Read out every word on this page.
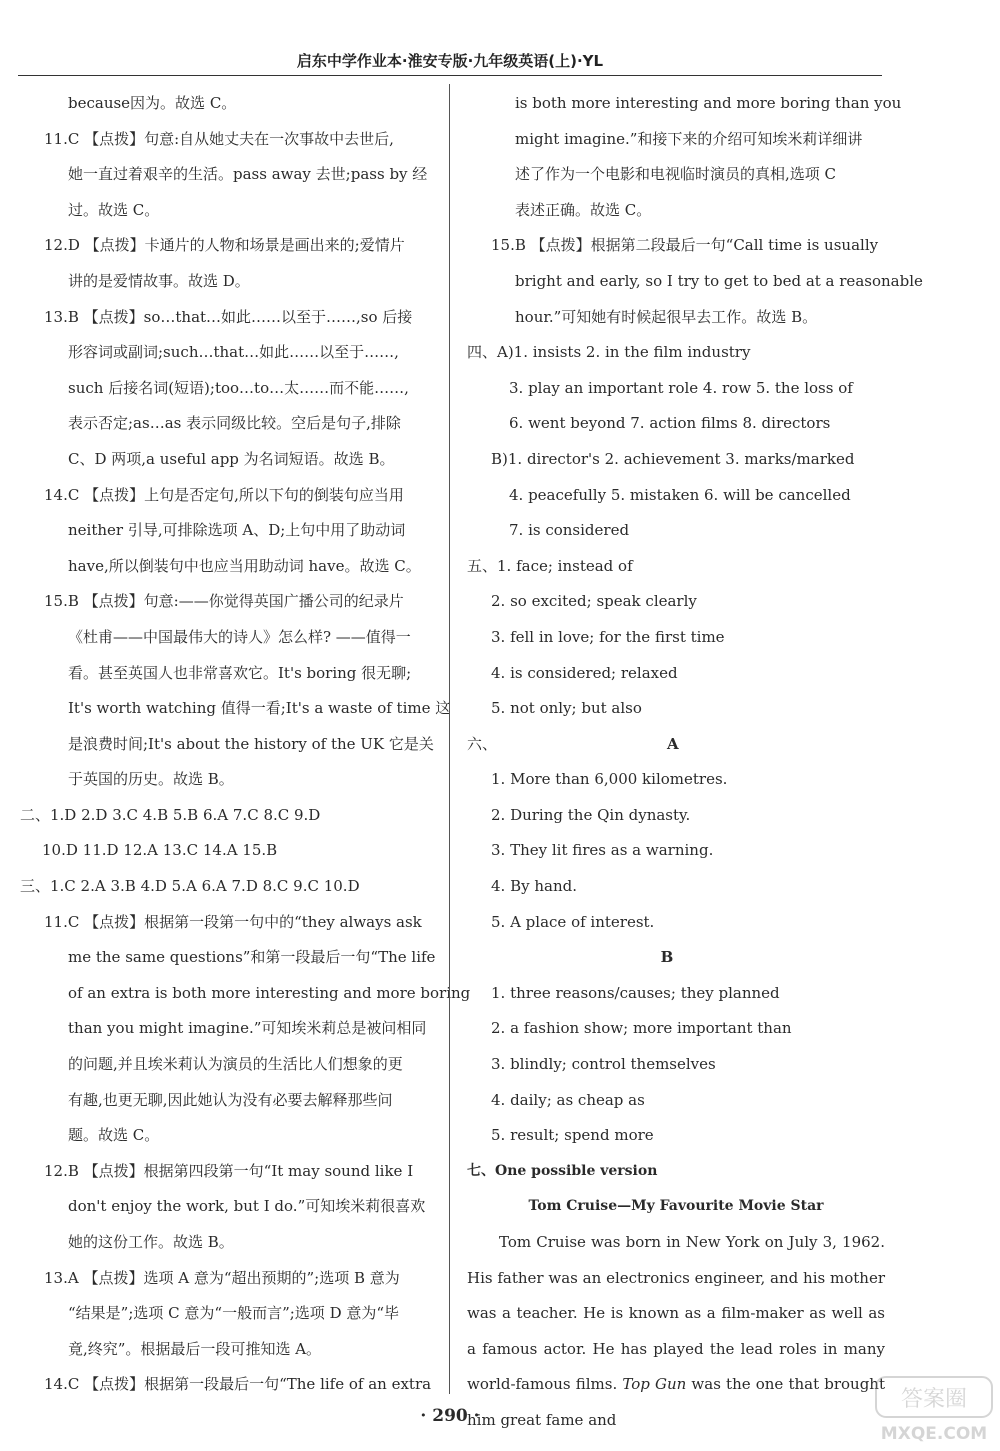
启东中学作业本·淮安专版·九年级英语(上)·YL
because因为。故选 C。
11.C 【点拨】句意:自从她丈夫在一次事故中去世后,
她一直过着艰辛的生活。pass away 去世;pass by 经
过。故选 C。
12.D 【点拨】卡通片的人物和场景是画出来的;爱情片
讲的是爱情故事。故选 D。
13.B 【点拨】so…that…如此……以至于……,so 后接
形容词或副词;such…that…如此……以至于……,
such 后接名词(短语);too…to…太……而不能……,
表示否定;as…as 表示同级比较。空后是句子,排除
C、D 两项,a useful app 为名词短语。故选 B。
14.C 【点拨】上句是否定句,所以下句的倒装句应当用
neither 引导,可排除选项 A、D;上句中用了助动词
have,所以倒装句中也应当用助动词 have。故选 C。
15.B 【点拨】句意:——你觉得英国广播公司的纪录片
《杜甫——中国最伟大的诗人》怎么样? ——值得一
看。甚至英国人也非常喜欢它。It's boring 很无聊;
It's worth watching 值得一看;It's a waste of time 这
是浪费时间;It's about the history of the UK 它是关
于英国的历史。故选 B。
二、1.D 2.D 3.C 4.B 5.B 6.A 7.C 8.C 9.D
10.D 11.D 12.A 13.C 14.A 15.B
三、1.C 2.A 3.B 4.D 5.A 6.A 7.D 8.C 9.C 10.D
11.C 【点拨】根据第一段第一句中的“they always ask
me the same questions”和第一段最后一句“The life
of an extra is both more interesting and more boring
than you might imagine.”可知埃米莉总是被问相同
的问题,并且埃米莉认为演员的生活比人们想象的更
有趣,也更无聊,因此她认为没有必要去解释那些问
题。故选 C。
12.B 【点拨】根据第四段第一句“It may sound like I
don't enjoy the work, but I do.”可知埃米莉很喜欢
她的这份工作。故选 B。
13.A 【点拨】选项 A 意为“超出预期的”;选项 B 意为
“结果是”;选项 C 意为“一般而言”;选项 D 意为“毕
竟,终究”。根据最后一段可推知选 A。
14.C 【点拨】根据第一段最后一句“The life of an extra
is both more interesting and more boring than you
might imagine.”和接下来的介绍可知埃米莉详细讲
述了作为一个电影和电视临时演员的真相,选项 C
表述正确。故选 C。
15.B 【点拨】根据第二段最后一句“Call time is usually
bright and early, so I try to get to bed at a reasonable
hour.”可知她有时候起很早去工作。故选 B。
四、A)1. insists 2. in the film industry
3. play an important role 4. row 5. the loss of
6. went beyond 7. action films 8. directors
B)1. director's 2. achievement 3. marks/marked
4. peacefully 5. mistaken 6. will be cancelled
7. is considered
五、1. face; instead of
2. so excited; speak clearly
3. fell in love; for the first time
4. is considered; relaxed
5. not only; but also
六、	A
1. More than 6,000 kilometres.
2. During the Qin dynasty.
3. They lit fires as a warning.
4. By hand.
5. A place of interest.
B
1. three reasons/causes; they planned
2. a fashion show; more important than
3. blindly; control themselves
4. daily; as cheap as
5. result; spend more
七、One possible version
Tom Cruise—My Favourite Movie Star
Tom Cruise was born in New York on July 3, 1962. His father was an electronics engineer, and his mother was a teacher. He is known as a film-maker as well as a famous actor. He has played the lead roles in many world-famous films. Top Gun was the one that brought him great fame and
· 290 ·
答案圈
MXQE.COM
